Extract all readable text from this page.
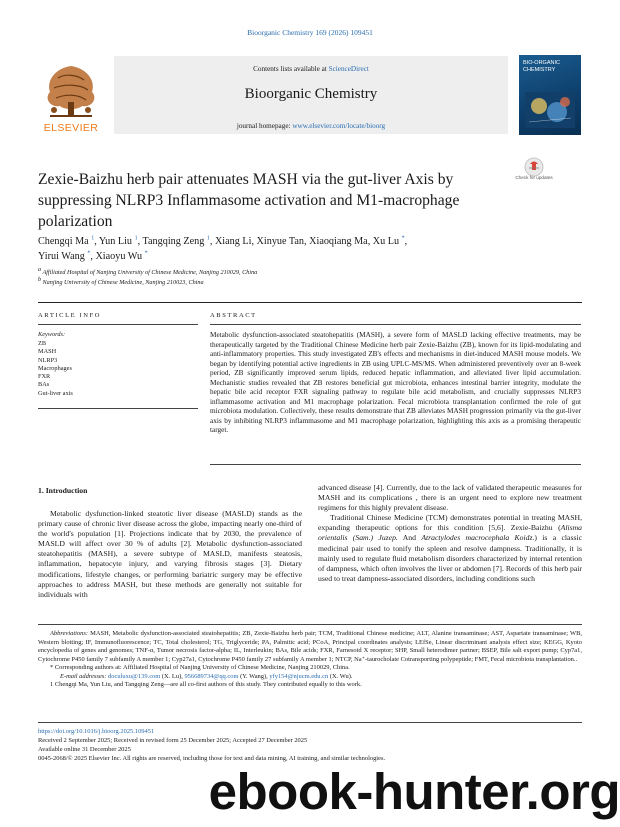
Bioorganic Chemistry 169 (2026) 109451
Contents lists available at ScienceDirect
Bioorganic Chemistry
journal homepage: www.elsevier.com/locate/bioorg
ELSEVIER
BIO-ORGANIC CHEMISTRY
Zexie-Baizhu herb pair attenuates MASH via the gut-liver Axis by suppressing NLRP3 Inflammasome activation and M1-macrophage polarization
Check for updates
Chengqi Ma $^1$, Yun Liu $^1$, Tangqing Zeng $^1$, Xiang Li, Xinyue Tan, Xiaoqiang Ma, Xu Lu *,
Yirui Wang *, Xiaoyu Wu *
$^a$ Affiliated Hospital of Nanjing University of Chinese Medicine, Nanjing 210029, China
$^b$ Nanjing University of Chinese Medicine, Nanjing 210023, China
ARTICLE INFO	ABSTRACT
Keywords:
ZB
MASH
NLRP3
Macrophages
FXR
BAs
Gut-liver axis
Metabolic dysfunction-associated steatohepatitis (MASH), a severe form of MASLD lacking effective treatments, may be therapeutically targeted by the Traditional Chinese Medicine herb pair Zexie-Baizhu (ZB), known for its lipid-modulating and anti-inflammatory properties. This study investigated ZB's effects and mechanisms in diet-induced MASH mouse models. We began by identifying potential active ingredients in ZB using UPLC-MS/MS. When administered preventively over an 8-week period, ZB significantly improved serum lipids, reduced hepatic inflammation, and alleviated liver lipid accumulation. Mechanistic studies revealed that ZB restores beneficial gut microbiota, enhances intestinal barrier integrity, modulate the hepatic bile acid receptor FXR signaling pathway to regulate bile acid metabolism, and crucially suppresses NLRP3 inflammasome activation and M1 macrophage polarization. Fecal microbiota transplantation confirmed the role of gut microbiota modulation. Collectively, these results demonstrate that ZB alleviates MASH progression primarily via the gut-liver axis by inhibiting NLRP3 inflammasome and M1 macrophage polarization, highlighting this axis as a promising therapeutic target.
1. Introduction

Metabolic dysfunction-linked steatotic liver disease (MASLD) stands as the primary cause of chronic liver disease across the globe, impacting nearly one-third of the world's population [1]. Projections indicate that by 2030, the prevalence of MASLD will affect over 30 % of adults [2]. Metabolic dysfunction-associated steatohepatitis (MASH), a severe subtype of MASLD, manifests steatosis, inflammation, hepatocyte injury, and varying fibrosis stages [3]. Dietary modifications, lifestyle changes, or performing bariatric surgery may be effective approaches to address MASH, but these methods are generally not suitable for individuals with

advanced disease [4]. Currently, due to the lack of validated therapeutic measures for MASH and its complications , there is an urgent need to explore new treatment regimens for this highly prevalent disease.

Traditional Chinese Medicine (TCM) demonstrates potential in treating MASH, expanding therapeutic options for this condition [5,6]. Zexie-Baizhu (Alisma orientalis (Sam.) Juzep. And Atractylodes macrocephala Koidz.) is a classic medicinal pair used to tonify the spleen and resolve dampness. Traditionally, it is mainly used to regulate fluid metabolism disorders characterized by internal retention of dampness, which often involves the liver or abdomen [7]. Records of this herb pair used to treat dampness-associated disorders, including conditions such

Abbreviations: MASH, Metabolic dysfunction-associated steatohepatitis; ZB, Zexie-Baizhu herb pair; TCM, Traditional Chinese medicine; ALT, Alanine transaminase; AST, Aspartate transaminase; WB, Western blotting; IF, Immunofluorescence; TC, Total cholesterol; TG, Triglyceride; PA, Palmitic acid; PCoA, Principal coordinates analysis; LEfSe, Linear discriminant analysis effect size; KEGG, Kyoto encyclopedia of genes and genomes; TNF-α, Tumor necrosis factor-alpha; IL, Interleukin; BAs, Bile acids; FXR, Farnesoid X receptor; SHP, Small heterodimer partner; BSEP, Bile salt export pump; Cyp7a1, Cytochrome P450 family 7 subfamily A member 1; Cyp27a1, Cytochrome P450 family 27 subfamily A member 1; NTCP, Na⁺-taurocholate Cotransporting polypeptide; FMT, Fecal microbiota transplantation..

* Corresponding authors at: Affiliated Hospital of Nanjing University of Chinese Medicine, Nanjing 210029, China.

E-mail addresses: doculuxu@139.com (X. Lu), 956689734@qq.com (Y. Wang), yfy154@njucm.edu.cn (X. Wu).

1 Chengqi Ma, Yun Liu, and Tangqing Zeng—are all co-first authors of this study. They contributed equally to this work.

https://doi.org/10.1016/j.bioorg.2025.109451
Received 2 September 2025; Received in revised form 25 December 2025; Accepted 27 December 2025
Available online 31 December 2025
0045-2068/© 2025 Elsevier Inc. All rights are reserved, including those for text and data mining, AI training, and similar technologies.
ebook-hunter.org
